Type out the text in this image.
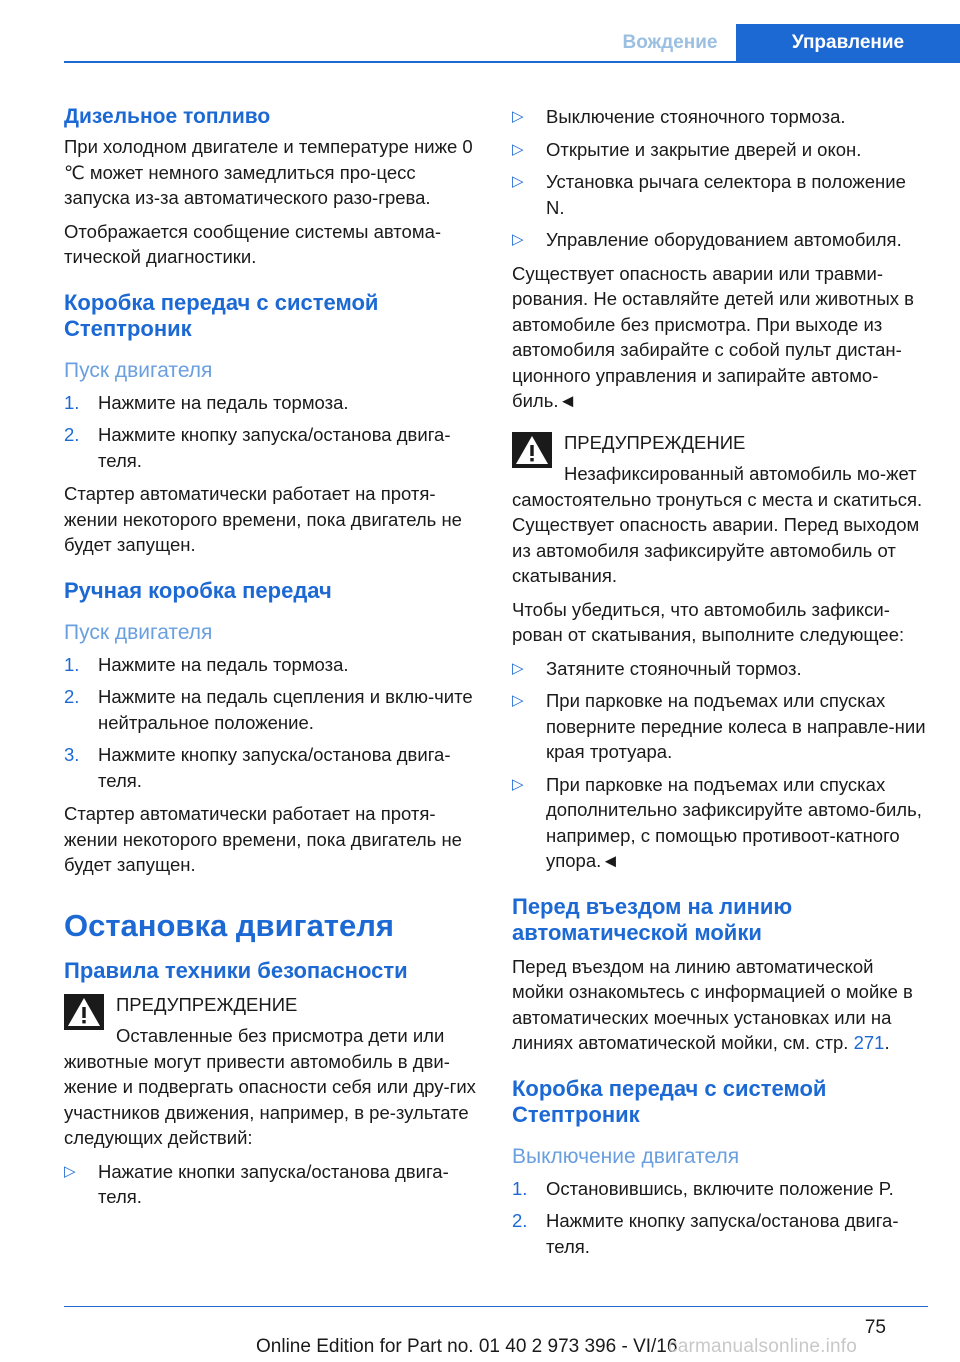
Вождение	Управление
Дизельное топливо

При холодном двигателе и температуре ниже 0 ℃ может немного замедлиться про-цесс запуска из-за автоматического разо-грева.

Отображается сообщение системы автома-тической диагностики.

Коробка передач с системой Стептроник
Пуск двигателя
1. Нажмите на педаль тормоза.
2. Нажмите кнопку запуска/останова двига-теля.

Стартер автоматически работает на протя-жении некоторого времени, пока двигатель не будет запущен.

Ручная коробка передач
Пуск двигателя
1. Нажмите на педаль тормоза.
2. Нажмите на педаль сцепления и вклю-чите нейтральное положение.
3. Нажмите кнопку запуска/останова двига-теля.

Стартер автоматически работает на протя-жении некоторого времени, пока двигатель не будет запущен.

Остановка двигателя
Правила техники безопасности
ПРЕДУПРЕЖДЕНИЕ

Оставленные без присмотра дети или животные могут привести автомобиль в дви-жение и подвергать опасности себя или дру-гих участников движения, например, в ре-зультате следующих действий:

▷ Нажатие кнопки запуска/останова двига-теля.
▷ Выключение стояночного тормоза.
▷ Открытие и закрытие дверей и окон.
▷ Установка рычага селектора в положение N.
▷ Управление оборудованием автомобиля.

Существует опасность аварии или травми-рования. Не оставляйте детей или животных в автомобиле без присмотра. При выходе из автомобиля забирайте с собой пульт дистан-ционного управления и запирайте автомо-биль.◄

ПРЕДУПРЕЖДЕНИЕ

Незафиксированный автомобиль мо-жет самостоятельно тронуться с места и скатиться. Существует опасность аварии. Перед выходом из автомобиля зафиксируйте автомобиль от скатывания.

Чтобы убедиться, что автомобиль зафикси-рован от скатывания, выполните следующее:

▷ Затяните стояночный тормоз.
▷ При парковке на подъемах или спусках поверните передние колеса в направле-нии края тротуара.
▷ При парковке на подъемах или спусках дополнительно зафиксируйте автомо-биль, например, с помощью противоот-катного упора.◄
Перед въездом на линию автоматической мойки

Перед въездом на линию автоматической мойки ознакомьтесь с информацией о мойке в автоматических моечных установках или на линиях автоматической мойки, см. стр. 271.

Коробка передач с системой Стептроник
Выключение двигателя
1. Остановившись, включите положение P.
2. Нажмите кнопку запуска/останова двига-теля.
75
Online Edition for Part no. 01 40 2 973 396 - VI/16
carmanualsonline.info
